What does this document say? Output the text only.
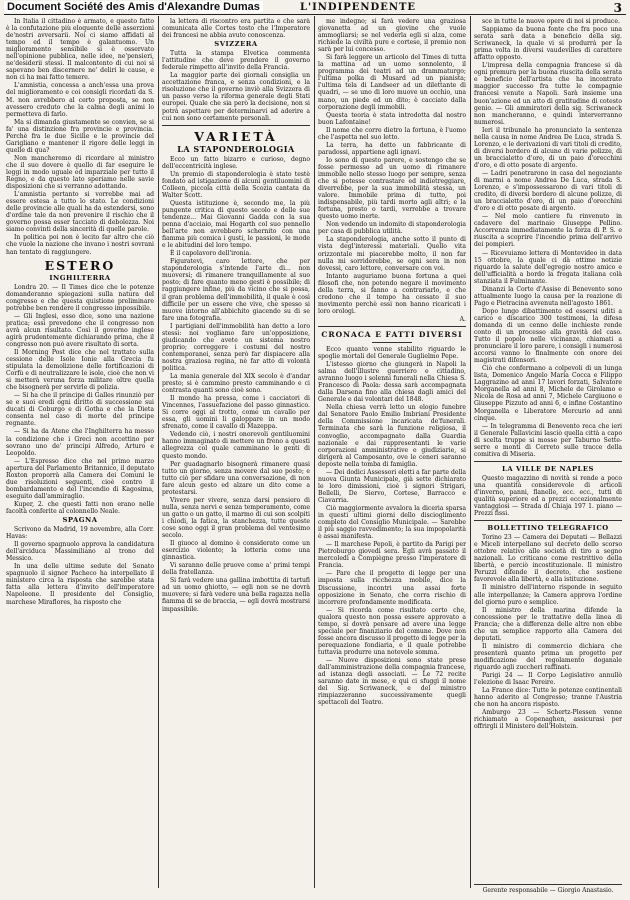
Document Société des Amis d'Alexandre Dumas	L'INDIPENDENTE	3

In Italia il cittadino è armato, e questo fatto è la confutazione più eloquente delle asserzioni de'nostri avversarii. Noi ci siamo affidati al tempo ed il tempo è galantuomo. Un miglioramento sensibile si è osservato nell'opinione pubblica, nelle idee, ne'pensieri, ne'desiderii stessi. Il malcontento di cui noi si sapevano ben discernere ne' deliri le cause, e non ci ha mai fatto temere.

L'amnistia, concessa a anch'essa una prova del miglioramento e coi consigli ricordati da S. M. non avrebbero al certo proposta, se non avessero creduto che la calma degli animi lo permetteva di farlo.

Ma si dimanda giustamente se convien, se si fa' una distinzione fra provincie e provincia. Perchè fra le due Sicilie e le provincie del Garigliano e mantener il rigore delle leggi in quelle di qua?

Non mancheremo di ricordare al ministro che il suo dovere è quello di far eseguire le leggi in modo uguale ed imparziale per tutto il Regno, e da questo lato speriamo nelle savie disposizioni che si verranno adottando.

L'amnistia pertanto si vorrebbe mai ad essere estesa a tutto lo stato. Le condizioni delle provincie alle quali ha da estendersi, sono d'ordine tale da non prevenire il rischio che il governo possa esser tacciato di debolezza. Noi siamo convinti della sincerità di quelle parole.

In politica poi non è lecito far altro che ciò che vuole la nazione che invano i nostri sovrani han tentato di raggiungere.

ESTERO
INGHILTERRA

Londra 20. — Il Times dice che le potenze domanderanno spiegazioni sulla natura del congresso e che questa quistione preliminare potrebbe ben rendere il congresso impossibile.

— Gli Inglesi, esso dice, sono una nazione pratica; essi prevedono che il congresso non avrà alcun risultato. Così il governo inglese agirà prudentemente dichiarando prima, che il congresso non può avere risultato di sorta.

Il Morning Post dice che nel trattato sulla cessione delle Isole Ionie alla Grecia fu stipulata la demolizione delle fortificazioni di Corfù e di neutralizzare le isole, cioè che non vi si metterà veruna forza militare oltre quella che bisognerà per servirle di polizia.

— Si ha che il principe di Galles rinunziò per se e suoi eredi ogni diritto di successione sui ducati di Coburgo e di Gotha e che la Dieta consenta nel caso di morte del principe regnante.

— Si ha da Atene che l'Inghilterra ha messo la condizione che i Greci non accettino per sovrano uno de' principi Alfredo, Arturo e Leopoldo.

— L'Espresso dice che nel primo marzo apertura del Parlamento Britannico, il deputato Roxton proporrà alla Camera dei Comuni le due risoluzioni seguenti, cioè contro il bombardamento e del l'incendio di Kagosima, eseguito dall'ammiraglio.

Kuper, 2. che questi fatti non erano nelle facoltà conferite al colonnello Neale.

SPAGNA

Scrivono da Madrid, 19 novembre, alla Corr. Havas:

Il governo spagnuolo approva la candidatura dell'arciduca Massimiliano al trono del Messico.

In una delle ultime sedute del Senato spagnuolo il signor Pacheco ha interpellato il ministero circa la risposta che sarebbe stata fatta alla lettera d'invito dell'imperatore Napoleone. Il presidente del Consiglio, marchese Miraflores, ha risposto che

la lettera di riscontro era partita e che sarà comunicata alle Cortes tosto che l'Imperatore dei francesi ne abbia avuto conoscenza.

SVIZZERA

Tutta la stampa Elvetica commenta l'attitudine che deve prendere il governo federale rimpetto all'invito della Francia.

La maggior parte dei giornali consiglia un accettazione franca, e senza condizioni, e la risoluzione che il governo inviò alla Svizzera di un passo verso la riforma generale degli Stati europei. Quale che sia però la decisione, non si potrà aspettare per determinarvi ad aderire a cui non sono certamente personali.

VARIETÀ
LA STAPONDEROLOGIA

Ecco un fatto bizarro e curioso, degno dell'eccentricità inglese.

Un premio di staponderologia è stato testè fondato ad istigazione di alcuni gentiluomini di Colleen, piccola città della Scozia cantata da Walter Scott.

Questa istituzione è, secondo me, la più pungente critica di questo secolo e delle sue tendenze... Mai Giovanni Gadda con la sua penna d'acciaio, mai Hogarth col suo pennello bell'arte non avrebbero schernito con una fiamma più comica i gusti, le passioni, le mode e le abitudini del loro tempo.

È il capolavoro dell'ironia.

Figuratevi, caro lettore, che per staponderologia s'intende l'arte di... non muoversi; di rimanere tranquillamente al suo posto; di fare quanto meno gesti è possibile; di raggiungere infine, più da vicino che si possa, il gran problema dell'immobilità, il quale è così difficile per un essere che vive, che spesso si muove intorno all'abbichito giacendo su di se fare una fotografia.

I partigiani dell'immobilità han detto a loro stessi: noi vogliamo fare un'opposizione, giudicando che avete un sistema nostro proprio; correggere i costumi del nostro contemporanei, senza però far dispiacere alla nostra graziosa regina, nè far atto di volontà politica.

La mania generale del XIX secolo è d'andar presto; si è cammino presto camminando e ci contrasta quanti sono cioè sono.

Il mondo ha pressa, come i cacciatori di Vincennes, l'assuefazione del passo ginnastico. Si corre oggi al trotto, come un cavallo per essa, gli uomini li galoppare in un modo sfrenato, come il cavallo di Mazeppa.

Vedendo ciò, i nostri onorevoli gentiluomini hanno immaginato di mettere un freno a questi allegrezza col quale camminano le genti di questo mondo.

Per guadagnarlo bisognerà rimanere quasi tutto un giorno, senza movere dal suo posto; e tutto ciò per sfidare una conversazione, di non fare alcun gesto ed alzare un dito come a protestarsi.

Vivere per vivere, senza darsi pensiero di nulla, senza nervi e senza temperamento, come un gatto o un gatto, il marmo di cui son scolpiti i chiodi, la fatica, la stanchezza, tutte queste cose sono oggi il gran problema del ventesimo secolo.

Il giuoco al domino è considerato come un esercizio violento; la lotteria come una ginnastica.

Vi saranno delle pruove come a' primi tempi della fratellanza.

Si farà vedere una gallina imbottita di tartufi ad un uomo ghiotto, — egli non se ne dovrà muovere; si farà vedere una bella ragazza nella fiamma di se de braccia, — egli dovrà mostrarsi impassibile.

me indegno; si farà vedere una graziosa giovanetta ad un giovine che vuole ammogliarsi; se nel vederla egli si alza, come richiede la civiltà pure e cortese, il premio non sarà per lui concesso.

Si farà leggere un articolo del Times di tutta la mattina ad un uomo sonnolento, il programma dei teatri ad un drammaturgo; l'ultima polka di Musard ad un pianista; l'ultima tela di Landseer ad un dilettante di quadri, — se uno di loro muove un occhio, una mano, un piede ed un dito; è cacciato dalla corporazione degli immobili.

Questa teoria è stata introdotta dal nostro buon Lafontaine!

Il nome che corre dietro la fortuna, è l'uomo che l'aspetta nel suo letto.

La terra, ha detto un fabbricante di paradossi, appartiene agli ignavi.

Io sono di questo parere, e sostengo che se fosse permesso ad un uomo di rimanere immobile nello stesso luogo per sempre, senza che si potesse contrastare ed indietreggiare, diverrebbe, per la sua immobilità stessa, un valore. Immobile prima di tutto, poi indispensabile, più tardi morto agli altri; e la fortuna, presto o tardi, verrebbe a trovare questo uomo inerte.

Non vedendo un indomito di staponderologia per casa di pubblica utilità.

La staponderologia, anche sotto il punto di vista degl'interessi materiali. Quello vita orizzontale mi piacerebbe molto, il non far nulla mi sorriderebbe, se ogni sera in non dovessi, caro lettore, conversare con voi.

Intanto auguriamo buona fortuna a quei filosofi che, non potendo negare il movimento della terra, si fanno a contrariarlo, e che credono che il tempo ha cessato il suo movimento perchè essi non hanno ricaricati i loro orologi.

A.

CRONACA E FATTI DIVERSI

Ecco quanto venne stabilito riguardo le spoglie mortali del Generale Guglielmo Pepe.

L'istesso giorno che giungerà in Napoli la salma dell'illustre guerriero e cittadino, avranno luogo i solenni funerali nella Chiesa S. Francesco di Paola: dessa sarà accompagnata dalla Darsena fino alla chiesa dagli amici del Generale e dai volontari del 1848.

Nella chiesa verrà letto un elogio funebre dal Senatore Paolo Emilio Imbriani Presidente della Commissione incaricata de'funerali. Terminata che sarà la funzione religiosa, il convoglio, accompagnato dalla Guardia nazionale e dai rappresentanti le varie corporazioni amministrative e giudiziarie, si dirigerà al Camposanto, ove le ceneri saranno deposte nella tomba di famiglia.

— Dei dodici Assessori eletti a far parte della nuova Giunta Municipale, già sette dichiarato le loro dimissioni, cioè i signori Strigari, Bellelli, De Siervo, Cortese, Barracco e Ciavarria.

Ciò maggiormente avvalora la diceria sparsa in questi ultimi giorni dello discioglimento completo del Consiglio Municipale. — Sarebbe il più saggio ravvedimento; la sua impopolarità è assai manifesta.

— Il marchese Pepoli, è partito da Parigi per Pietroburgo giovedì sera. Egli avrà passato il mercoledì a Compiègne presso l'imperatore di Francia.

— Pare che il progetto di legge per una imposta sulla ricchezza mobile, dice la Discussione, incontri una assai forte opposizione in Senato, che corra rischio di incorrere profondamente modificata.

— Si ricorda come risultato certo che, qualora questo non possa essere approvato a tempo, si dovrà pensare ad avere una legge speciale per finanziario del comune. Dove non fosse ancora discusso il progetto di legge per la perequazione fondiaria, e il quale potrebbe tuttavia produrre una notevole somma.

— Nuove disposizioni sono state prese dall'amministrazione della compagnia francese, ad istanza degli associati. — Le 72 recite saranno date in mese, e qui ci sfuggì il nome del Sig. Scriwaneck, e del ministro rimpiazzeranno successivamente quegli spettacoli del Teatro.

sce in tutte le nuove opere di noi si produce.

Sappiamo da buona fonte che fra poco una serata sarà data a beneficio della sig. Scriwaneck, la quale vi si produrrà per la prima volta in diversi vaudevilles di carattere affatto opposto.

L'impresa della compagnia francese si dà ogni premura per la buona riuscita della serata e beneficio dell'artista che ha incontrato maggior successo fra tutte le compagnie francesi venute a Napoli. Sarà insieme una buon'azione ed un atto di gratitudine di cotesto genio. — Gli ammiratori della sig. Scriwaneck non mancheranno, e quindi interverranno numerosi.

Ieri il tribunale ha pronunciato la sentenza nella causa in nome Andrea De Luca, strada S. Lorenzo, e le derivazioni di vari titoli di credito, di diversi bordero di alcune di varie polizze, di un braccialetto d'oro, di un paio d'orecchini d'oro, e di otto posate di argento.

— Ladri penetrarono in casa del negoziante di marmi a nome Andrea De Luca, strada S. Lorenzo, e s'impossessarono di vari titoli di credito, di diversi bordero di alcune polizze, di un braccialetto d'oro, di un paio d'orecchini d'oro e di otto posate di argento.

— Nel molo cantiere fu rinvenuto in cadavere del marinaio Giuseppe Pellino. Accorrenza immediatamente la forza di P. S. e riuscita a scoprire l'incendio prima dell'arrivo dei pompieri.

— Ricevuiamo lettera di Montevideo in data 15 ottobre, la quale ci dà ottime notizie riguardo la salute dell'egregio nostro amico e dell'ufficialità a bordo la fregata italiana colà stanziata il Fulminante.

Dinanzi la Corte d'Assise di Benevento sono attualmente luogo la causa per la reazione di Pago e Pietracina avvenuta nell'agosto 1861.

Dopo lungo dibattimento ed essersi uditi a carico e discarico 300 testimoni, la difesa domanda di un cenno delle inchieste rende conto di un processo alla gravità del caso. Tutto il popolo nelle vicinanze, chiamati a pronunciare il loro parere, i consigli i numerosi accorsi vanno lo finalmente con onore dei magistrati difensori.

Ciò che confermano a colpevoli di un lunga lista, Domenico Angelo Maria Cocca e Filippo Laggrazino ad anni 17 lavori forzati, Salvatore Morganella ad anni 8, Michele de Girolamo e Nicola de Rosa ad anni 7, Michele Cargiuono e Giuseppe Pizzuto ad anni 6, e infine Costantino Morganella e Liberatore Mercurio ad anni cinque.

— In telegramma di Benevento reca che ieri il Generale Pallavicini lasciò quella città a capo di scelta truppe si mosse per Taburno Sette-serre e monti di Cerreto sulle tracce della comitiva di Miseria.

LA VILLE DE NAPLES

Questo magazzino di novità si rende a poco una quantità considerevole di articoli d'inverno, panni, flanelle, ecc. ecc., tutti di qualità superiore ed a prezzi eccezionalmente vantaggiosi — Strada di Chiaja 197 1. piano — Prezzi fissi.

BOLLETTINO TELEGRAFICO

Torino 23 — Camera dei Deputati — Bellazzi e Miceli interpellano sul decreto dello scorso ottobre relativo alle società di tiro a segno nazionali. Lo criticano come restrittivo della libertà, e perciò incostituzionale. Il ministro Peruzzi difende il decreto, che sostiene favorevole alla libertà, e alla istituzione.

Il ministro dell'interno risponde in seguito alle interpellanze; la Camera approva l'ordine del giorno puro e semplice.

Il ministro della marina difende la concessione per le trattative della linea di Francia; che a differenza delle altre non ebbe che un semplice rapporto alla Camera dei deputati.

Il ministro di commercio dichiara che presenterà quanto prima un progetto per modificazione del regolamento doganale riguardo agli zuccheri raffinati.

Parigi 24 — Il Corpo Legislativo annullò l'elezione di Isaac Pereire.

La France dice: Tutte le potenze continentali hanno aderito al Congresso; tranne l'Austria che non ha ancora risposto.

Amburgo 23 — Schertz-Plessen venne richiamato a Copenaghen, assicurasi per offrirgli il Ministero dell'Holstein.

Gerente responsabile — Giorgio Anastasio.
